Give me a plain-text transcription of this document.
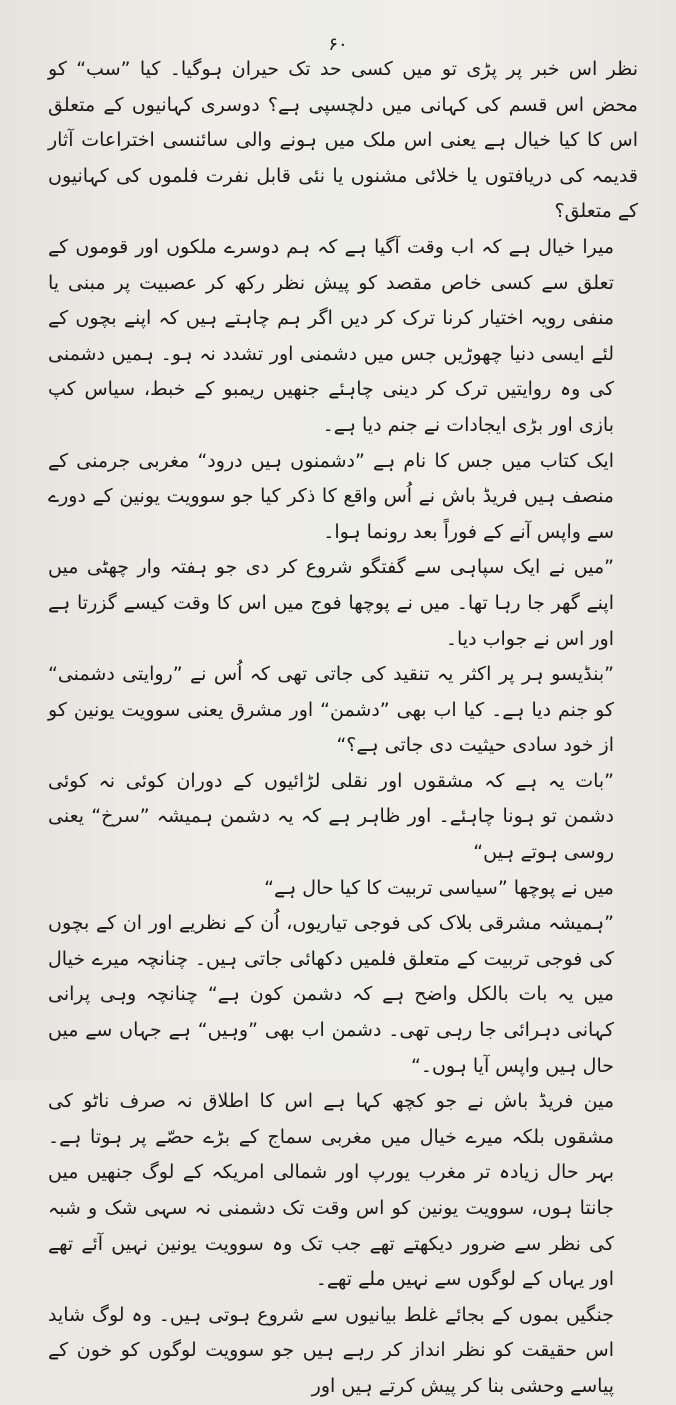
۶۰

نظر اس خبر پر پڑی تو میں کسی حد تک حیران ہوگیا۔ کیا ”سب“ کو محض اس قسم کی کہانی میں دلچسپی ہے؟ دوسری کہانیوں کے متعلق اس کا کیا خیال ہے یعنی اس ملک میں ہونے والی سائنسی اختراعات آثار قدیمہ کی دریافتوں یا خلائی مشنوں یا نئی قابل نفرت فلموں کی کہانیوں کے متعلق؟

میرا خیال ہے کہ اب وقت آگیا ہے کہ ہم دوسرے ملکوں اور قوموں کے تعلق سے کسی خاص مقصد کو پیش نظر رکھ کر عصبیت پر مبنی یا منفی رویہ اختیار کرنا ترک کر دیں اگر ہم چاہتے ہیں کہ اپنے بچوں کے لئے ایسی دنیا چھوڑیں جس میں دشمنی اور تشدد نہ ہو۔ ہمیں دشمنی کی وہ روایتیں ترک کر دینی چاہئے جنھیں ریمبو کے خبط، سیاس کپ بازی اور بڑی ایجادات نے جنم دیا ہے۔

ایک کتاب میں جس کا نام ہے ”دشمنوں ہیں درود“ مغربی جرمنی کے منصف ہیں فریڈ باش نے اُس واقع کا ذکر کیا جو سوویت یونین کے دورے سے واپس آنے کے فوراً بعد رونما ہوا۔

”میں نے ایک سپاہی سے گفتگو شروع کر دی جو ہفتہ وار چھٹی میں اپنے گھر جا رہا تھا۔ میں نے پوچھا فوج میں اس کا وقت کیسے گزرتا ہے اور اس نے جواب دیا۔

”بنڈیسو ہر پر اکثر یہ تنقید کی جاتی تھی کہ اُس نے ”روایتی دشمنی“ کو جنم دیا ہے۔ کیا اب بھی ”دشمن“ اور مشرق یعنی سوویت یونین کو از خود سادی حیثیت دی جاتی ہے؟“

”بات یہ ہے کہ مشقوں اور نقلی لڑائیوں کے دوران کوئی نہ کوئی دشمن تو ہونا چاہئے۔ اور ظاہر ہے کہ یہ دشمن ہمیشہ ”سرخ“ یعنی روسی ہوتے ہیں“

میں نے پوچھا ”سیاسی تربیت کا کیا حال ہے“

”ہمیشہ مشرقی بلاک کی فوجی تیاریوں، اُن کے نظریے اور ان کے بچوں کی فوجی تربیت کے متعلق فلمیں دکھائی جاتی ہیں۔ چنانچہ میرے خیال میں یہ بات بالکل واضح ہے کہ دشمن کون ہے“ چنانچہ وہی پرانی کہانی دہرائی جا رہی تھی۔ دشمن اب بھی ”وہیں“ ہے جہاں سے میں حال ہیں واپس آیا ہوں۔“

مین فریڈ باش نے جو کچھ کہا ہے اس کا اطلاق نہ صرف ناٹو کی مشقوں بلکہ میرے خیال میں مغربی سماج کے بڑے حصّے پر ہوتا ہے۔ بہر حال زیادہ تر مغرب یورپ اور شمالی امریکہ کے لوگ جنھیں میں جانتا ہوں، سوویت یونین کو اس وقت تک دشمنی نہ سہی شک و شبہ کی نظر سے ضرور دیکھتے تھے جب تک وہ سوویت یونین نہیں آئے تھے اور یہاں کے لوگوں سے نہیں ملے تھے۔

جنگیں بموں کے بجائے غلط بیانیوں سے شروع ہوتی ہیں۔ وہ لوگ شاید اس حقیقت کو نظر انداز کر رہے ہیں جو سوویت لوگوں کو خون کے پیاسے وحشی بنا کر پیش کرتے ہیں اور
